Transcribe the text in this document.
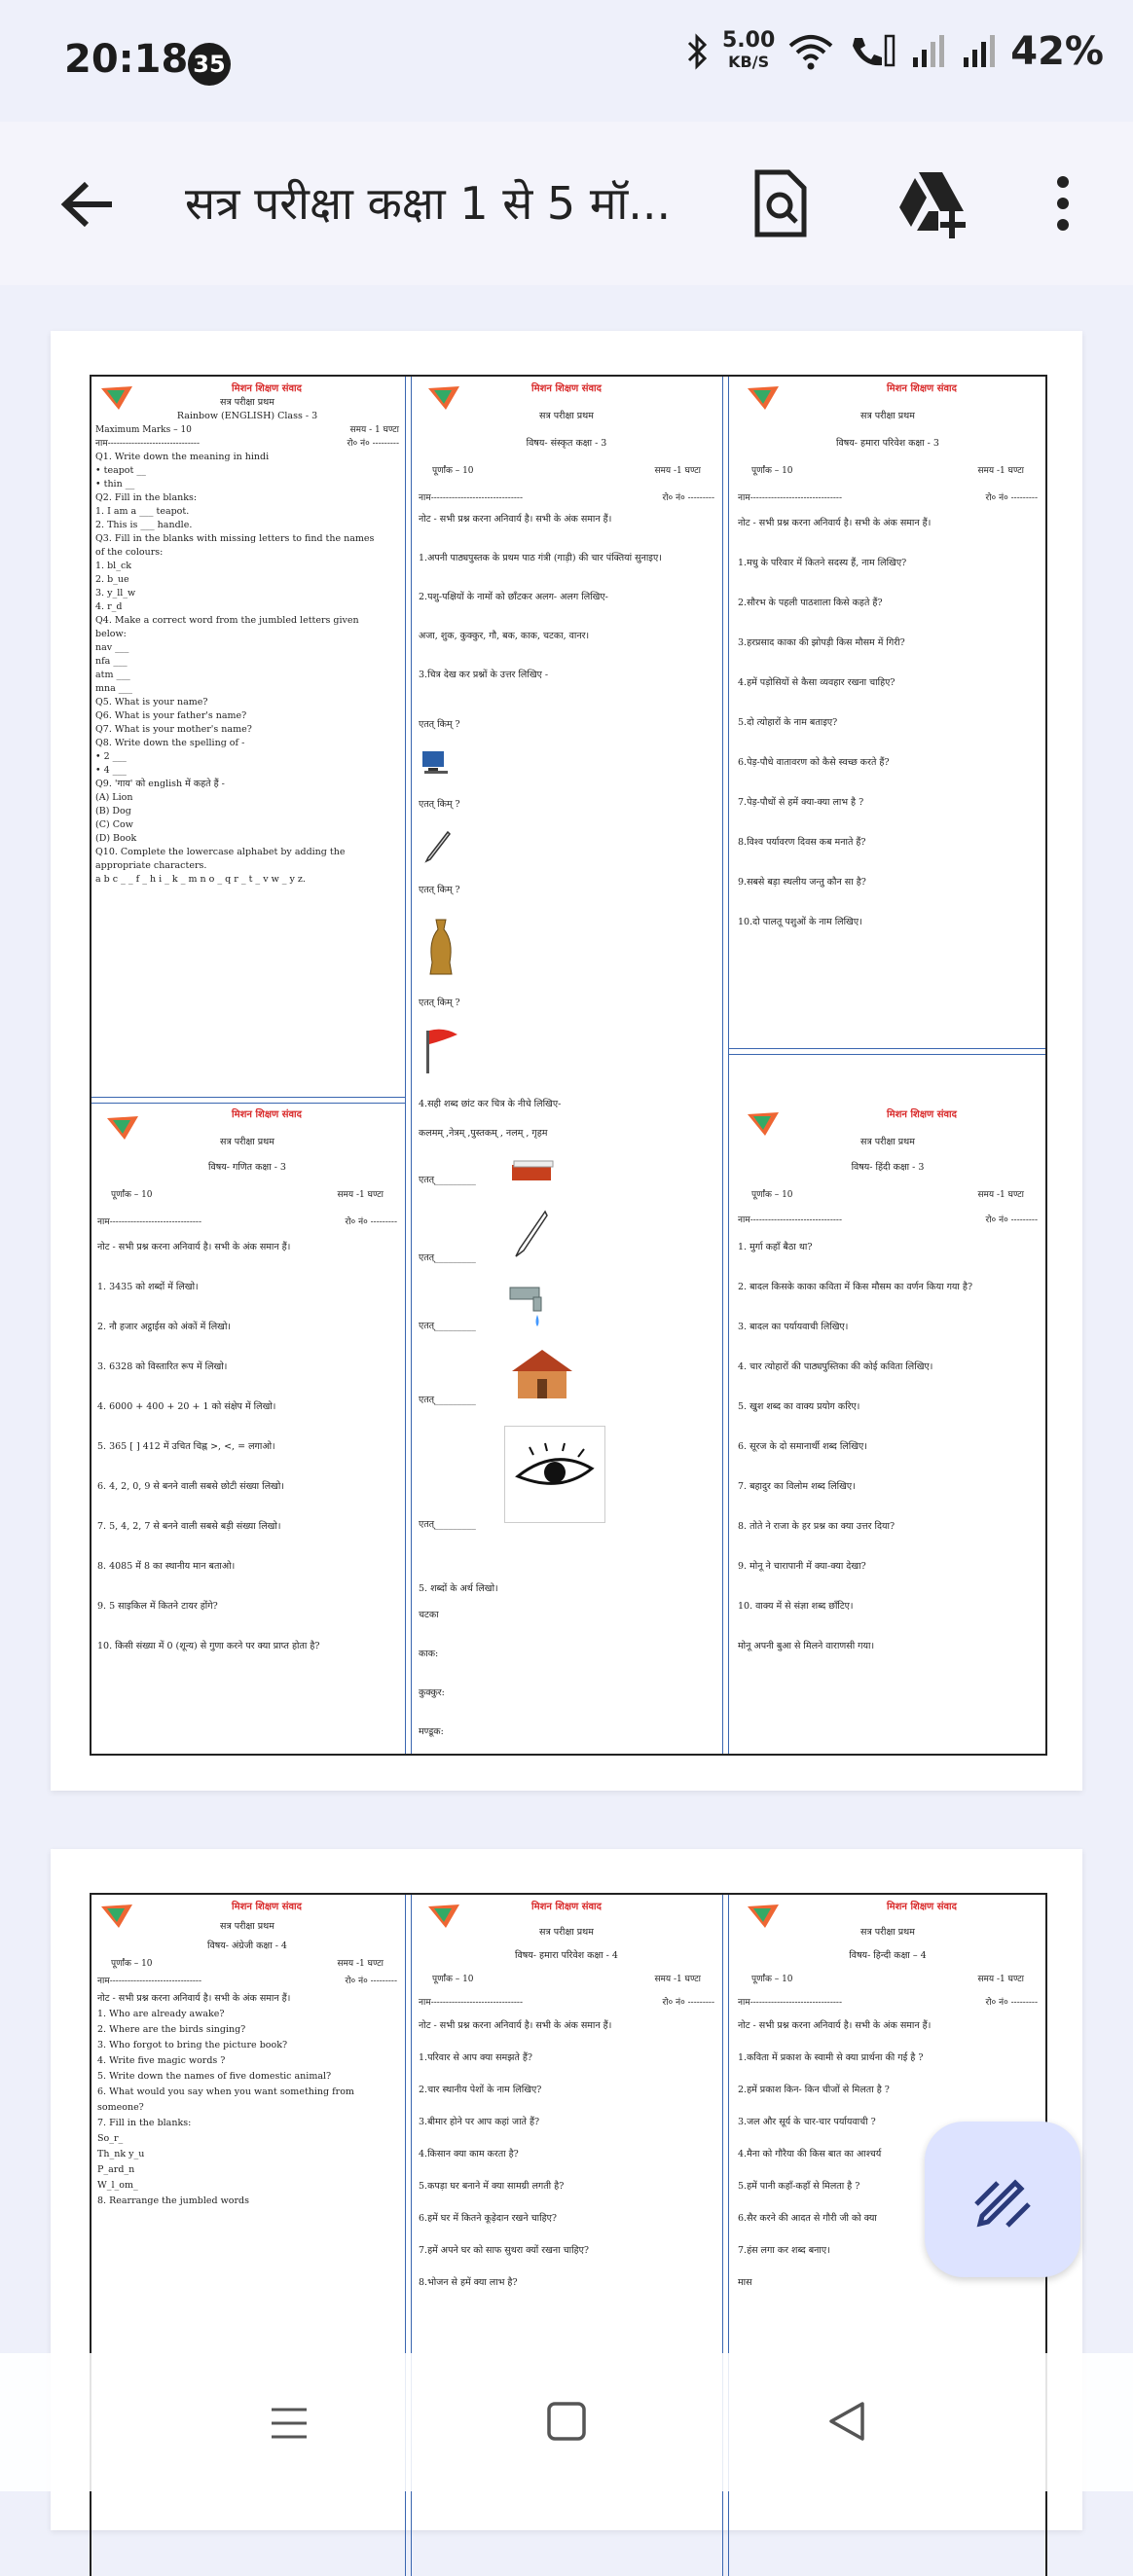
20:18 35
5.00
KB/S	42%
सत्र परीक्षा कक्षा 1 से 5 मॉ...
मिशन शिक्षण संवाद
सत्र परीक्षा प्रथम
Rainbow (ENGLISH) Class - 3
Maximum Marks – 10	समय - 1 घण्टा
नाम-------------------------------	रो० नं० ---------

Q1. Write down the meaning in hindi

• teapot __

• thin __

Q2. Fill in the blanks:

1. I am a ___ teapot.

2. This is ___ handle.

Q3. Fill in the blanks with missing letters to find the names

of the colours:

1. bl_ck

2. b_ue

3. y_ll_w

4. r_d

Q4. Make a correct word from the jumbled letters given

below:

nav ___

nfa ___

atm ___

mna ___

Q5. What is your name?

Q6. What is your father's name?

Q7. What is your mother's name?

Q8. Write down the spelling of -

• 2 ___

• 4 ___

Q9. 'गाय' को english में कहते हैं -

(A) Lion

(B) Dog

(C) Cow

(D) Book

Q10. Complete the lowercase alphabet by adding the

appropriate characters.

a b c _ _ f _ h i _ k _ m n o _ q r _ t _ v w _ y z.

मिशन शिक्षण संवाद
सत्र परीक्षा प्रथम
विषय- संस्कृत कक्षा - 3
पूर्णांक – 10	समय -1 घण्टा
नाम-------------------------------	रो० नं० ---------

नोट - सभी प्रश्न करना अनिवार्य है। सभी के अंक समान हैं।

1.अपनी पाठ्यपुस्तक के प्रथम पाठ गंत्री (गाड़ी) की चार पंक्तियां सुनाइए।

2.पशु-पक्षियों के नामों को छाँटकर अलग- अलग लिखिए-

अजा, शुक, कुक्कुर, गौ, बक, काक, चटका, वानर।

3.चित्र देख कर प्रश्नों के उत्तर लिखिए -

एतत् किम् ?
एतत् किम् ?
एतत् किम् ?
एतत् किम् ?
4.सही शब्द छांट कर चित्र के नीचे लिखिए-
कलमम् ,नेत्रम् ,पुस्तकम् , नलम् , गृहम
एतत्_________
एतत्_________
एतत्_________
एतत्_________
एतत्_________
5. शब्दों के अर्थ लिखो।

चटका

काक:

कुक्कुर:

मण्डूक:

मिशन शिक्षण संवाद
सत्र परीक्षा प्रथम
विषय- हमारा परिवेश कक्षा - 3
पूर्णांक – 10	समय -1 घण्टा
नाम-------------------------------	रो० नं० ---------

नोट - सभी प्रश्न करना अनिवार्य है। सभी के अंक समान हैं।

1.मधु के परिवार में कितने सदस्य हैं, नाम लिखिए?

2.सौरभ के पहली पाठशाला किसे कहते हैं?

3.हरप्रसाद काका की झोपड़ी किस मौसम में गिरी?

4.हमें पड़ोसियों से कैसा व्यवहार रखना चाहिए?

5.दो त्योहारों के नाम बताइए?

6.पेड़-पौधे वातावरण को कैसे स्वच्छ करते हैं?

7.पेड़-पौधों से हमें क्या-क्या लाभ है ?

8.विश्व पर्यावरण दिवस कब मनाते हैं?

9.सबसे बड़ा स्थलीय जन्तु कौन सा है?

10.दो पालतू पशुओं के नाम लिखिए।

मिशन शिक्षण संवाद
सत्र परीक्षा प्रथम
विषय- गणित कक्षा - 3
पूर्णांक – 10	समय -1 घण्टा
नाम-------------------------------	रो० नं० ---------

नोट - सभी प्रश्न करना अनिवार्य है। सभी के अंक समान हैं।

1. 3435 को शब्दों में लिखो।

2. नौ हजार अट्ठाईस को अंकों में लिखो।

3. 6328 को विस्तारित रूप में लिखो।

4. 6000 + 400 + 20 + 1 को संक्षेप में लिखो।

5. 365 [ ] 412 में उचित चिह्न >, <, = लगाओ।

6. 4, 2, 0, 9 से बनने वाली सबसे छोटी संख्या लिखो।

7. 5, 4, 2, 7 से बनने वाली सबसे बड़ी संख्या लिखो।

8. 4085 में 8 का स्थानीय मान बताओ।

9. 5 साइकिल में कितने टायर होंगे?

10. किसी संख्या में 0 (शून्य) से गुणा करने पर क्या प्राप्त होता है?

मिशन शिक्षण संवाद
सत्र परीक्षा प्रथम
विषय- हिंदी कक्षा - 3
पूर्णांक – 10	समय -1 घण्टा
नाम-------------------------------	रो० नं० ---------

1. मुर्गा कहाँ बैठा था?

2. बादल किसके काका कविता में किस मौसम का वर्णन किया गया है?

3. बादल का पर्यायवाची लिखिए।

4. चार त्योहारों की पाठ्यपुस्तिका की कोई कविता लिखिए।

5. खुश शब्द का वाक्य प्रयोग करिए।

6. सूरज के दो समानार्थी शब्द लिखिए।

7. बहादुर का विलोम शब्द लिखिए।

8. तोते ने राजा के हर प्रश्न का क्या उत्तर दिया?

9. मोनू ने चारापानी में क्या-क्या देखा?

10. वाक्य में से संज्ञा शब्द छाँटिए।

मोनू अपनी बुआ से मिलने वाराणसी गया।

मिशन शिक्षण संवाद
सत्र परीक्षा प्रथम
विषय- अंग्रेजी कक्षा - 4
पूर्णांक – 10	समय -1 घण्टा
नाम-------------------------------	रो० नं० ---------

नोट - सभी प्रश्न करना अनिवार्य है। सभी के अंक समान हैं।

1. Who are already awake?

2. Where are the birds singing?

3. Who forgot to bring the picture book?

4. Write five magic words ?

5. Write down the names of five domestic animal?

6. What would you say when you want something from

someone?

7. Fill in the blanks:

So_r_

Th_nk y_u

P_ard_n

W_l_om_

8. Rearrange the jumbled words

मिशन शिक्षण संवाद
सत्र परीक्षा प्रथम
विषय- हमारा परिवेश कक्षा - 4
पूर्णांक – 10	समय -1 घण्टा
नाम-------------------------------	रो० नं० ---------

नोट - सभी प्रश्न करना अनिवार्य है। सभी के अंक समान हैं।

1.परिवार से आप क्या समझते हैं?

2.चार स्थानीय पेशों के नाम लिखिए?

3.बीमार होने पर आप कहां जाते हैं?

4.किसान क्या काम करता है?

5.कपड़ा घर बनाने में क्या सामग्री लगती है?

6.हमें घर में कितने कूड़ेदान रखने चाहिए?

7.हमें अपने घर को साफ सुथरा क्यों रखना चाहिए?

8.भोजन से हमें क्या लाभ है?

मिशन शिक्षण संवाद
सत्र परीक्षा प्रथम
विषय- हिन्दी कक्षा – 4
पूर्णांक – 10	समय -1 घण्टा
नाम-------------------------------	रो० नं० ---------

नोट - सभी प्रश्न करना अनिवार्य है। सभी के अंक समान हैं।

1.कविता में प्रकाश के स्वामी से क्या प्रार्थना की गई है ?

2.हमें प्रकाश किन- किन चीजों से मिलता है ?

3.जल और सूर्य के चार-चार पर्यायवाची ?

4.मैना को गौरैया की किस बात का आश्चर्य

5.हमें पानी कहाँ-कहाँ से मिलता है ?

6.सैर करने की आदत से गौरी जी को क्या

7.हंस लगा कर शब्द बनाए।

मास
